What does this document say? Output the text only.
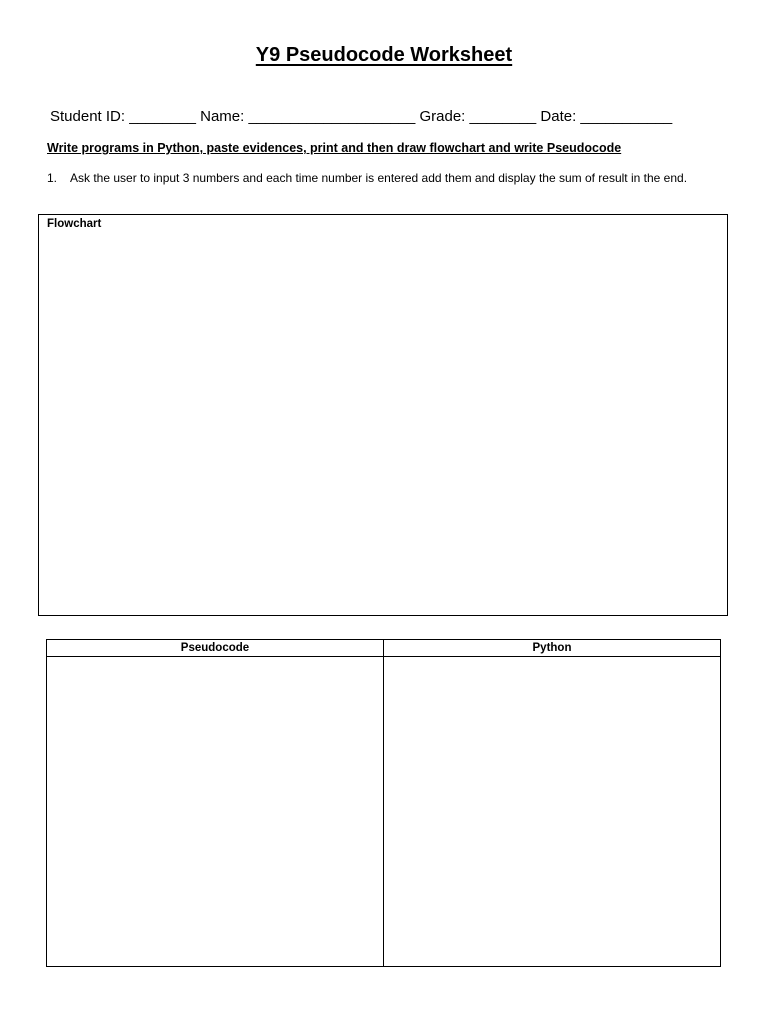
Y9 Pseudocode Worksheet
Student ID: ________ Name: ____________________ Grade: ________ Date: ___________
Write programs in Python, paste evidences, print and then draw flowchart and write Pseudocode
1. Ask the user to input 3 numbers and each time number is entered add them and display the sum of result in the end.
Flowchart
Pseudocode	Python
